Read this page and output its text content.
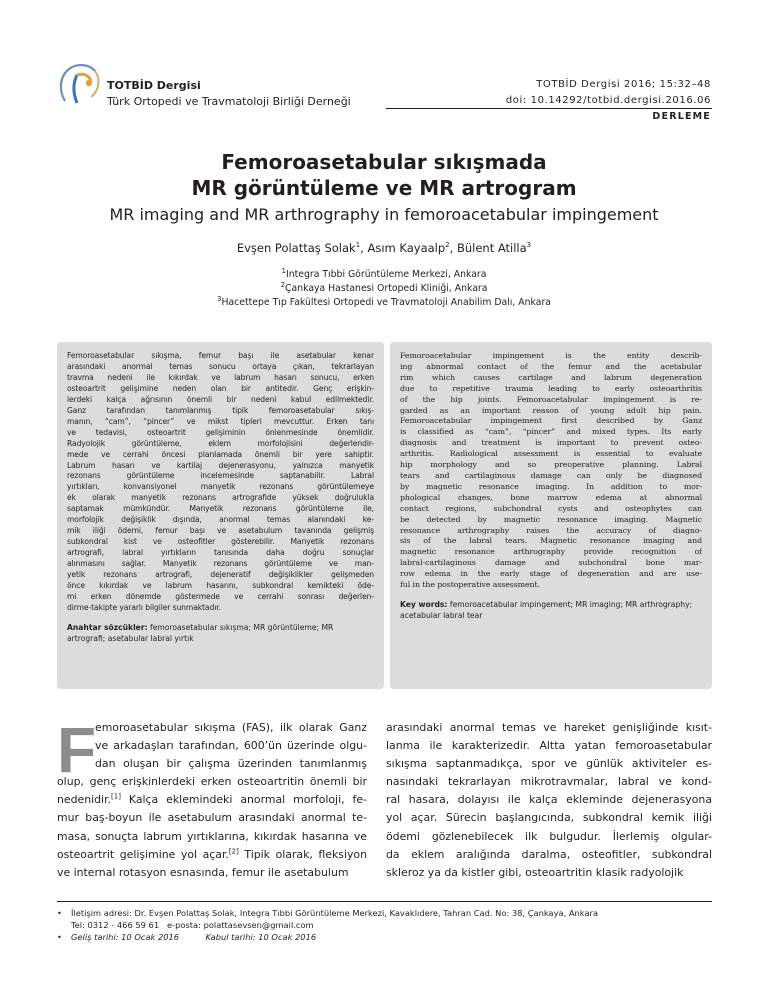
TOTBİD Dergisi
Türk Ortopedi ve Travmatoloji Birliği Derneği
TOTBİD Dergisi 2016; 15:32–48
doi: 10.14292/totbid.dergisi.2016.06
DERLEME
Femoroasetabular sıkışmada
MR görüntüleme ve MR artrogram
MR imaging and MR arthrography in femoroacetabular impingement
Evşen Polattaş Solak$^1$, Asım Kayaalp$^2$, Bülent Atilla$^3$
$^1$Integra Tıbbi Görüntüleme Merkezi, Ankara
$^2$Çankaya Hastanesi Ortopedi Kliniği, Ankara
$^3$Hacettepe Tıp Fakültesi Ortopedi ve Travmatoloji Anabilim Dalı, Ankara
Femoroasetabular sıkışma, femur başı ile asetabular kenar
arasındaki anormal temas sonucu ortaya çıkan, tekrarlayan
travma nedeni ile kıkırdak ve labrum hasarı sonucu, erken
osteoartrit gelişimine neden olan bir antitedir. Genç erişkin-
lerdeki kalça ağrısının önemli bir nedeni kabul edilmektedir.
Ganz tarafından tanımlanmış tipik femoroasetabular sıkış-
manın, “cam”, “pincer” ve mikst tipleri mevcuttur. Erken tanı
ve tedavisi, osteoartrit gelişiminin önlenmesinde önemlidir.
Radyolojik görüntüleme, eklem morfolojisini değerlendir-
mede ve cerrahi öncesi planlamada önemli bir yere sahiptir.
Labrum hasarı ve kartilaj dejenerasyonu, yalnızca manyetik
rezonans görüntüleme incelemesinde saptanabilir. Labral
yırtıkları, konvansiyonel manyetik rezonans görüntülemeye
ek olarak manyetik rezonans artrografide yüksek doğrulukla
saptamak mümkündür. Manyetik rezonans görüntüleme ile,
morfolojik değişiklik dışında, anormal temas alanındaki ke-
mik iliği ödemi, femur başı ve asetabulum tavanında gelişmiş
subkondral kist ve osteofitler gösterebilir. Manyetik rezonans
artrografi, labral yırtıkların tanısında daha doğru sonuçlar
alınmasını sağlar. Manyetik rezonans görüntüleme ve man-
yetik rezonans artrografi, dejeneratif değişiklikler gelişmeden
önce kıkırdak ve labrum hasarını, subkondral kemikteki öde-
mi erken dönemde göstermede ve cerrahi sonrası değerlen-
dirme-takipte yararlı bilgiler sunmaktadır.
Anahtar sözcükler: femoroasetabular sıkışma; MR görüntüleme; MR artrografi; asetabular labral yırtık
Femoroacetabular impingement is the entity describ-
ing abnormal contact of the femur and the acetabular
rim which causes cartilage and labrum degeneration
due to repetitive trauma leading to early osteoarthritis
of the hip joints. Femoroacetabular impingement is re-
garded as an important reason of young adult hip pain.
Femoroacetabular impingement first described by Ganz
is classified as “cam”, “pincer” and mixed types. Its early
diagnosis and treatment is important to prevent osteo-
arthritis. Radiological assessment is essential to evaluate
hip morphology and so preoperative planning. Labral
tears and cartilaginous damage can only be diagnosed
by magnetic resonance imaging. In addition to mor-
phological changes, bone marrow edema at abnormal
contact regions, subchondral cysts and osteophytes can
be detected by magnetic resonance imaging. Magnetic
resonance arthrography raises the accuracy of diagno-
sis of the labral tears. Magnetic resonance imaging and
magnetic resonance arthrography provide recognition of
labral-cartilaginous damage and subchondral bone mar-
row edema in the early stage of degeneration and are use-
ful in the postoperative assessment.
Key words: femoroacetabular impingement; MR imaging; MR arthrography; acetabular labral tear
F
emoroasetabular sıkışma (FAS), ilk olarak Ganz
ve arkadaşları tarafından, 600’ün üzerinde olgu-
dan oluşan bir çalışma üzerinden tanımlanmış
olup, genç erişkinlerdeki erken osteoartritin önemli bir
nedenidir.[1] Kalça eklemindeki anormal morfoloji, fe-
mur baş-boyun ile asetabulum arasındaki anormal te-
masa, sonuçta labrum yırtıklarına, kıkırdak hasarına ve
osteoartrit gelişimine yol açar.[2] Tipik olarak, fleksiyon
ve internal rotasyon esnasında, femur ile asetabulum
arasındaki anormal temas ve hareket genişliğinde kısıt-
lanma ile karakterizedir. Altta yatan femoroasetabular
sıkışma saptanmadıkça, spor ve günlük aktiviteler es-
nasındaki tekrarlayan mikrotravmalar, labral ve kond-
ral hasara, dolayısı ile kalça ekleminde dejenerasyona
yol açar. Sürecin başlangıcında, subkondral kemik iliği
ödemi gözlenebilecek ilk bulgudur. İlerlemiş olgular-
da eklem aralığında daralma, osteofitler, subkondral
skleroz ya da kistler gibi, osteoartritin klasik radyolojik
• İletişim adresi: Dr. Evşen Polattaş Solak, Integra Tıbbi Görüntüleme Merkezi, Kavaklıdere, Tahran Cad. No: 38, Çankaya, Ankara
Tel: 0312 - 466 59 61 e-posta: polattasevsen@gmail.com
• Geliş tarihi: 10 Ocak 2016	Kabul tarihi: 10 Ocak 2016
